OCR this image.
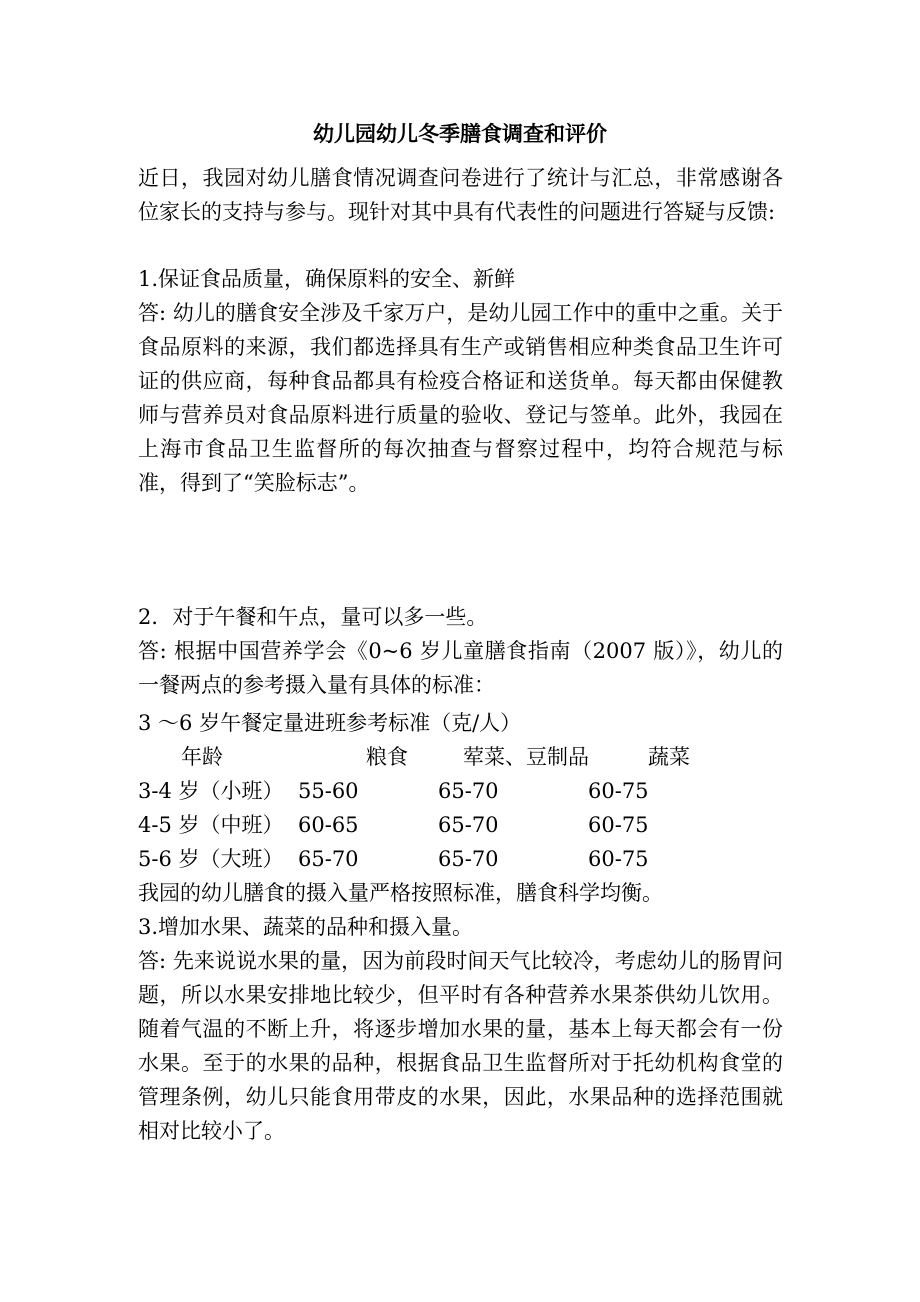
幼儿园幼儿冬季膳食调查和评价
近日，我园对幼儿膳食情况调查问卷进行了统计与汇总，非常感谢各位家长的支持与参与。现针对其中具有代表性的问题进行答疑与反馈:
1.保证食品质量，确保原料的安全、新鲜
答: 幼儿的膳食安全涉及千家万户，是幼儿园工作中的重中之重。关于食品原料的来源，我们都选择具有生产或销售相应种类食品卫生许可证的供应商，每种食品都具有检疫合格证和送货单。每天都由保健教师与营养员对食品原料进行质量的验收、登记与签单。此外，我园在上海市食品卫生监督所的每次抽查与督察过程中，均符合规范与标准，得到了“笑脸标志”。
2．对于午餐和午点，量可以多一些。
答: 根据中国营养学会《0~6 岁儿童膳食指南（2007 版）》，幼儿的一餐两点的参考摄入量有具体的标准：
3 ～6 岁午餐定量进班参考标准（克/人）
年龄	粮食	荤菜、豆制品	蔬菜
3-4 岁（小班） 55-60	65-70	60-75
4-5 岁（中班） 60-65	65-70	60-75
5-6 岁（大班） 65-70	65-70	60-75
我园的幼儿膳食的摄入量严格按照标准，膳食科学均衡。
3.增加水果、蔬菜的品种和摄入量。
答: 先来说说水果的量，因为前段时间天气比较冷，考虑幼儿的肠胃问题，所以水果安排地比较少，但平时有各种营养水果茶供幼儿饮用。随着气温的不断上升，将逐步增加水果的量，基本上每天都会有一份水果。至于的水果的品种，根据食品卫生监督所对于托幼机构食堂的管理条例，幼儿只能食用带皮的水果，因此，水果品种的选择范围就相对比较小了。
